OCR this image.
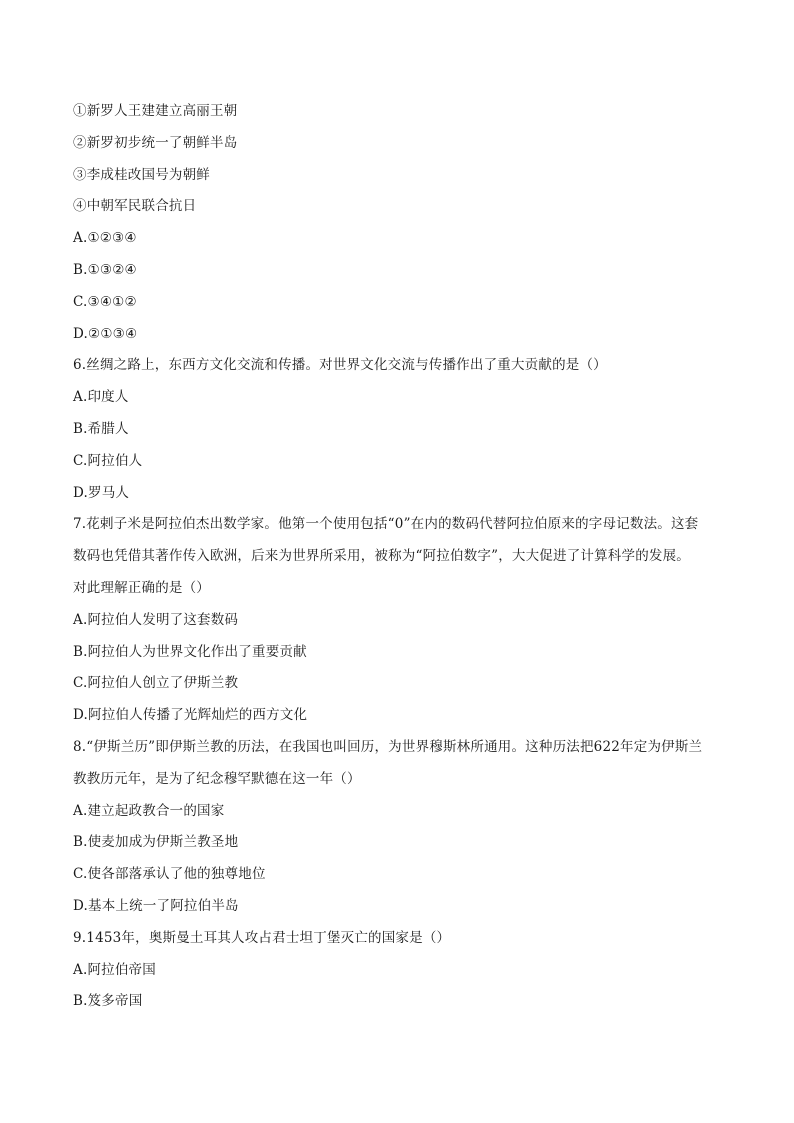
①新罗人王建建立高丽王朝
②新罗初步统一了朝鲜半岛
③李成桂改国号为朝鲜
④中朝军民联合抗日
A.①②③④
B.①③②④
C.③④①②
D.②①③④
6.丝绸之路上，东西方文化交流和传播。对世界文化交流与传播作出了重大贡献的是（）
A.印度人
B.希腊人
C.阿拉伯人
D.罗马人
7.花剌子米是阿拉伯杰出数学家。他第一个使用包括“0”在内的数码代替阿拉伯原来的字母记数法。这套
数码也凭借其著作传入欧洲，后来为世界所采用，被称为“阿拉伯数字”，大大促进了计算科学的发展。
对此理解正确的是（）
A.阿拉伯人发明了这套数码
B.阿拉伯人为世界文化作出了重要贡献
C.阿拉伯人创立了伊斯兰教
D.阿拉伯人传播了光辉灿烂的西方文化
8.“伊斯兰历”即伊斯兰教的历法，在我国也叫回历，为世界穆斯林所通用。这种历法把622年定为伊斯兰
教教历元年，是为了纪念穆罕默德在这一年（）
A.建立起政教合一的国家
B.使麦加成为伊斯兰教圣地
C.使各部落承认了他的独尊地位
D.基本上统一了阿拉伯半岛
9.1453年，奥斯曼土耳其人攻占君士坦丁堡灭亡的国家是（）
A.阿拉伯帝国
B.笈多帝国
